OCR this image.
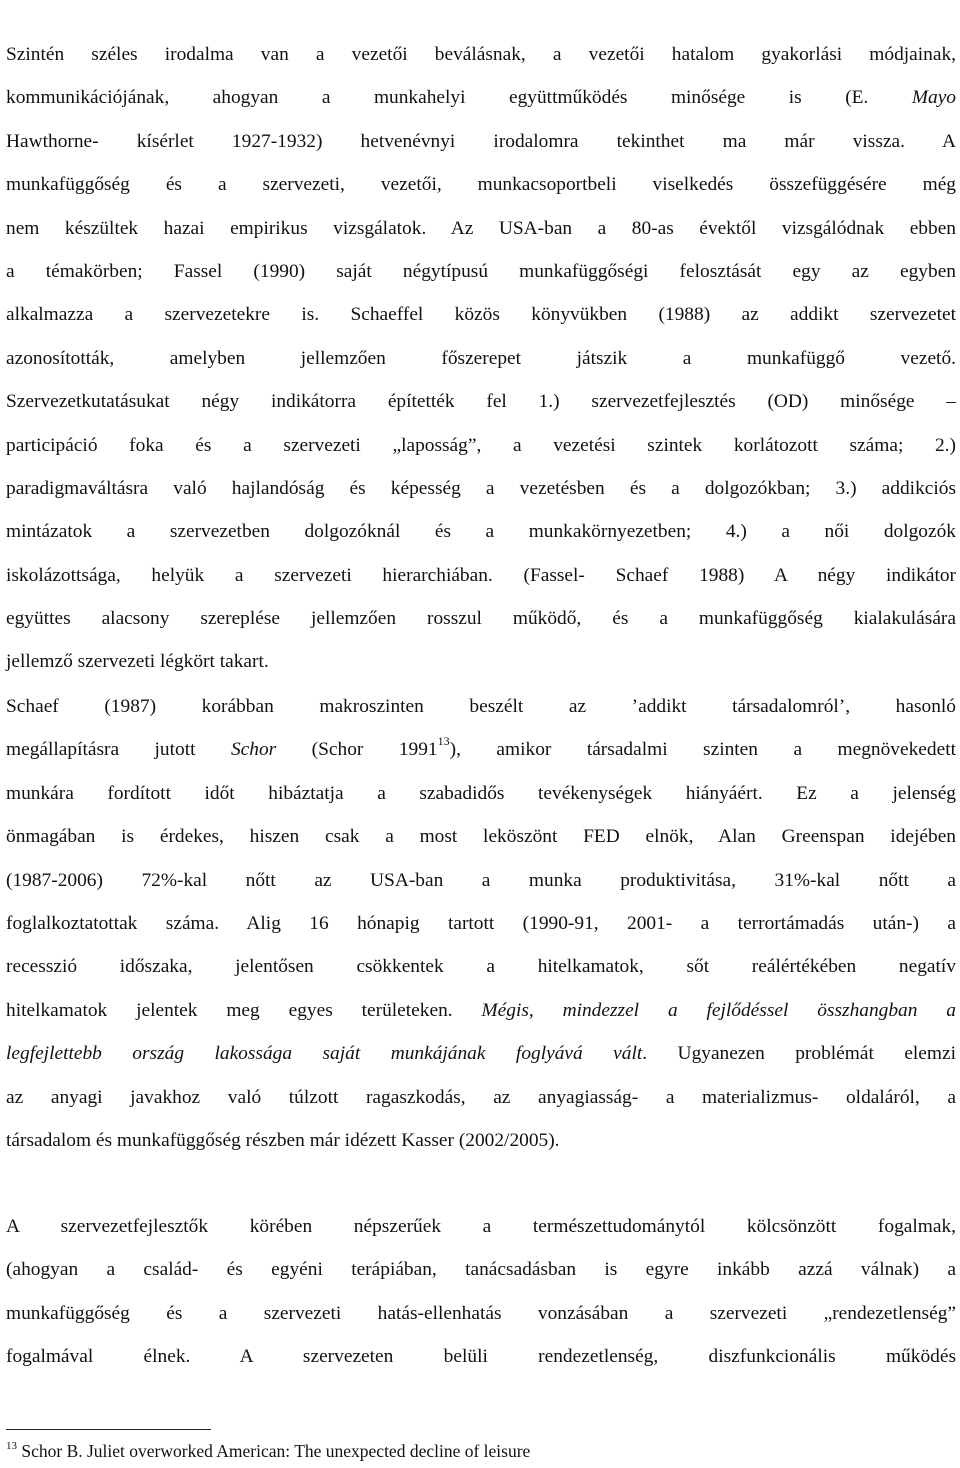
Szintén széles irodalma van a vezetői beválásnak, a vezetői hatalom gyakorlási módjainak,
kommunikációjának, ahogyan a munkahelyi együttműködés minősége is (E. Mayo
Hawthorne- kísérlet 1927-1932) hetvenévnyi irodalomra tekinthet ma már vissza. A
munkafüggőség és a szervezeti, vezetői, munkacsoportbeli viselkedés összefüggésére még
nem készültek hazai empirikus vizsgálatok. Az USA-ban a 80-as évektől vizsgálódnak ebben
a témakörben; Fassel (1990) saját négytípusú munkafüggőségi felosztását egy az egyben
alkalmazza a szervezetekre is. Schaeffel közös könyvükben (1988) az addikt szervezetet
azonosították, amelyben jellemzően főszerepet játszik a munkafüggő vezető.
Szervezetkutatásukat négy indikátorra építették fel 1.) szervezetfejlesztés (OD) minősége –
participáció foka és a szervezeti „laposság”, a vezetési szintek korlátozott száma; 2.)
paradigmaváltásra való hajlandóság és képesség a vezetésben és a dolgozókban; 3.) addikciós
mintázatok a szervezetben dolgozóknál és a munkakörnyezetben; 4.) a női dolgozók
iskolázottsága, helyük a szervezeti hierarchiában. (Fassel- Schaef 1988) A négy indikátor
együttes alacsony szereplése jellemzően rosszul működő, és a munkafüggőség kialakulására
jellemző szervezeti légkört takart.
Schaef (1987) korábban makroszinten beszélt az ’addikt társadalomról’, hasonló
megállapításra jutott Schor (Schor 1991$^{13}$), amikor társadalmi szinten a megnövekedett
munkára fordított időt hibáztatja a szabadidős tevékenységek hiányáért. Ez a jelenség
önmagában is érdekes, hiszen csak a most leköszönt FED elnök, Alan Greenspan idejében
(1987-2006) 72%-kal nőtt az USA-ban a munka produktivitása, 31%-kal nőtt a
foglalkoztatottak száma. Alig 16 hónapig tartott (1990-91, 2001- a terrortámadás után-) a
recesszió időszaka, jelentősen csökkentek a hitelkamatok, sőt reálértékében negatív
hitelkamatok jelentek meg egyes területeken. Mégis, mindezzel a fejlődéssel összhangban a
legfejlettebb ország lakossága saját munkájának foglyává vált. Ugyanezen problémát elemzi
az anyagi javakhoz való túlzott ragaszkodás, az anyagiasság- a materializmus- oldaláról, a
társadalom és munkafüggőség részben már idézett Kasser (2002/2005).
A szervezetfejlesztők körében népszerűek a természettudománytól kölcsönzött fogalmak,
(ahogyan a család- és egyéni terápiában, tanácsadásban is egyre inkább azzá válnak) a
munkafüggőség és a szervezeti hatás-ellenhatás vonzásában a szervezeti „rendezetlenség”
fogalmával élnek. A szervezeten belüli rendezetlenség, diszfunkcionális működés
$^{13}$ Schor B. Juliet overworked American: The unexpected decline of leisure
